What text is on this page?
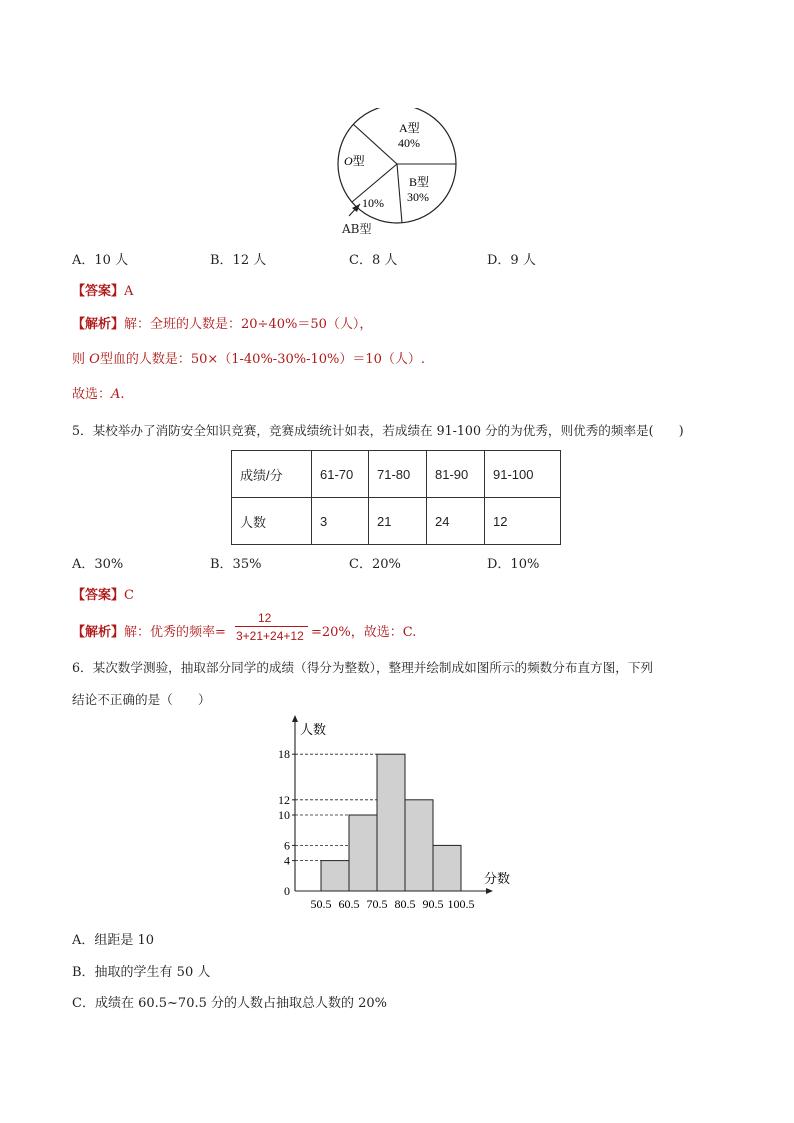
A型
40%
B型
30%
O型
10%
AB型
A．10 人	B．12 人	C．8 人	D．9 人
【答案】A
【解析】解：全班的人数是：20÷40%＝50（人），
则 O型血的人数是：50×（1-40%-30%-10%）＝10（人）.
故选：A.
5．某校举办了消防安全知识竞赛，竞赛成绩统计如表，若成绩在 91-100 分的为优秀，则优秀的频率是(　　)
成绩/分	61-70	71-80	81-90	91-100
人数	3	21	24	12
A．30%	B．35%	C．20%	D．10%
【答案】C
【解析】解：优秀的频率=
12
3+21+24+12 =20%，故选：C.
6．某次数学测验，抽取部分同学的成绩（得分为整数），整理并绘制成如图所示的频数分布直方图，下列
结论不正确的是（　　）
0
4
6
10
12
18
50.5 60.5 70.5 80.5 90.5 100.5
人数
分数
A．组距是 10
B．抽取的学生有 50 人
C．成绩在 60.5~70.5 分的人数占抽取总人数的 20%
